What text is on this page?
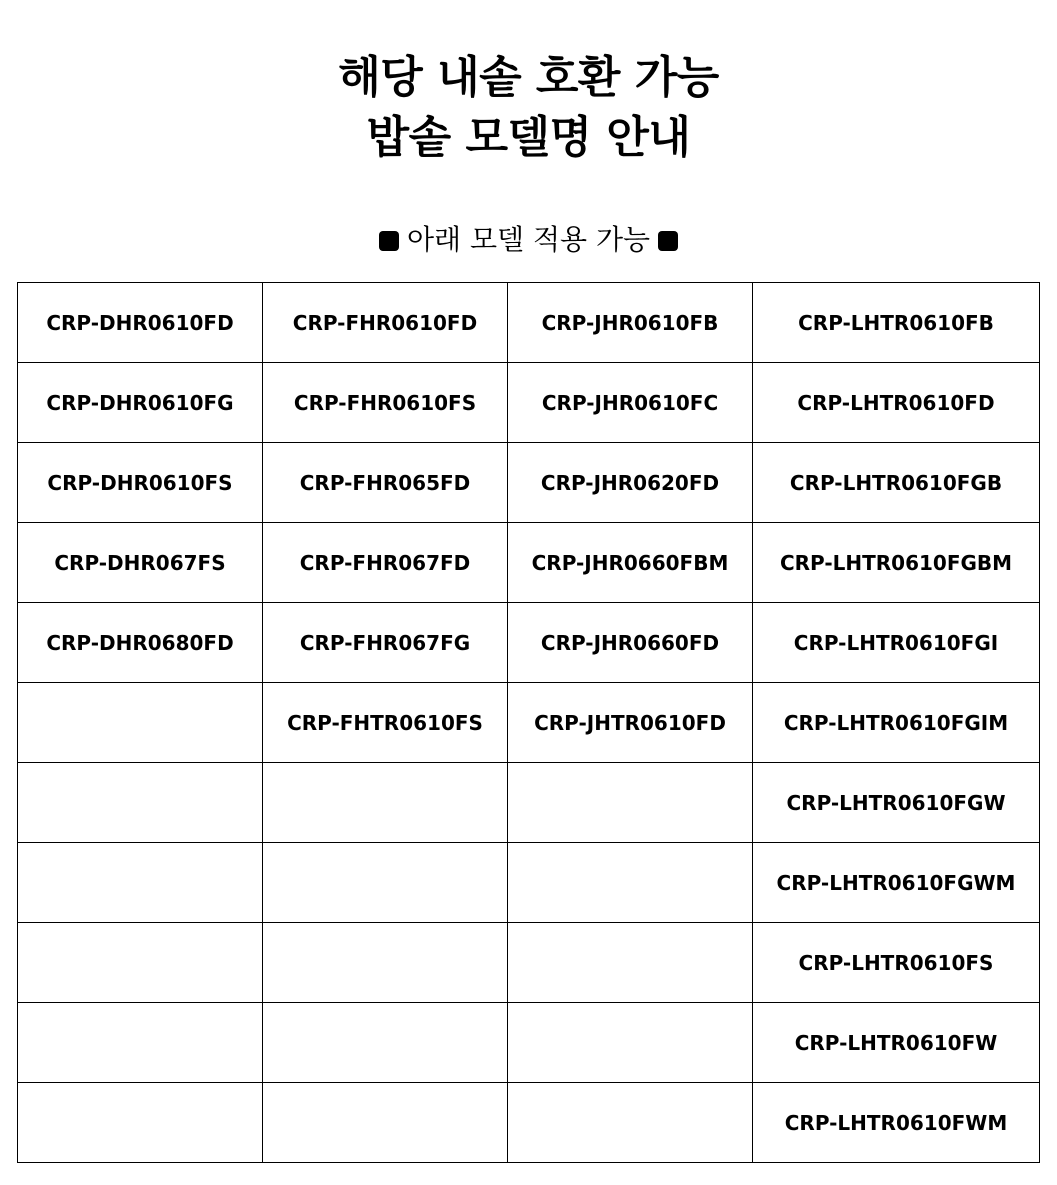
해당 내솥 호환 가능
밥솥 모델명 안내
아래 모델 적용 가능
CRP-DHR0610FD	CRP-FHR0610FD	CRP-JHR0610FB	CRP-LHTR0610FB
CRP-DHR0610FG	CRP-FHR0610FS	CRP-JHR0610FC	CRP-LHTR0610FD
CRP-DHR0610FS	CRP-FHR065FD	CRP-JHR0620FD	CRP-LHTR0610FGB
CRP-DHR067FS	CRP-FHR067FD	CRP-JHR0660FBM	CRP-LHTR0610FGBM
CRP-DHR0680FD	CRP-FHR067FG	CRP-JHR0660FD	CRP-LHTR0610FGI
	CRP-FHTR0610FS	CRP-JHTR0610FD	CRP-LHTR0610FGIM
			CRP-LHTR0610FGW
			CRP-LHTR0610FGWM
			CRP-LHTR0610FS
			CRP-LHTR0610FW
			CRP-LHTR0610FWM
